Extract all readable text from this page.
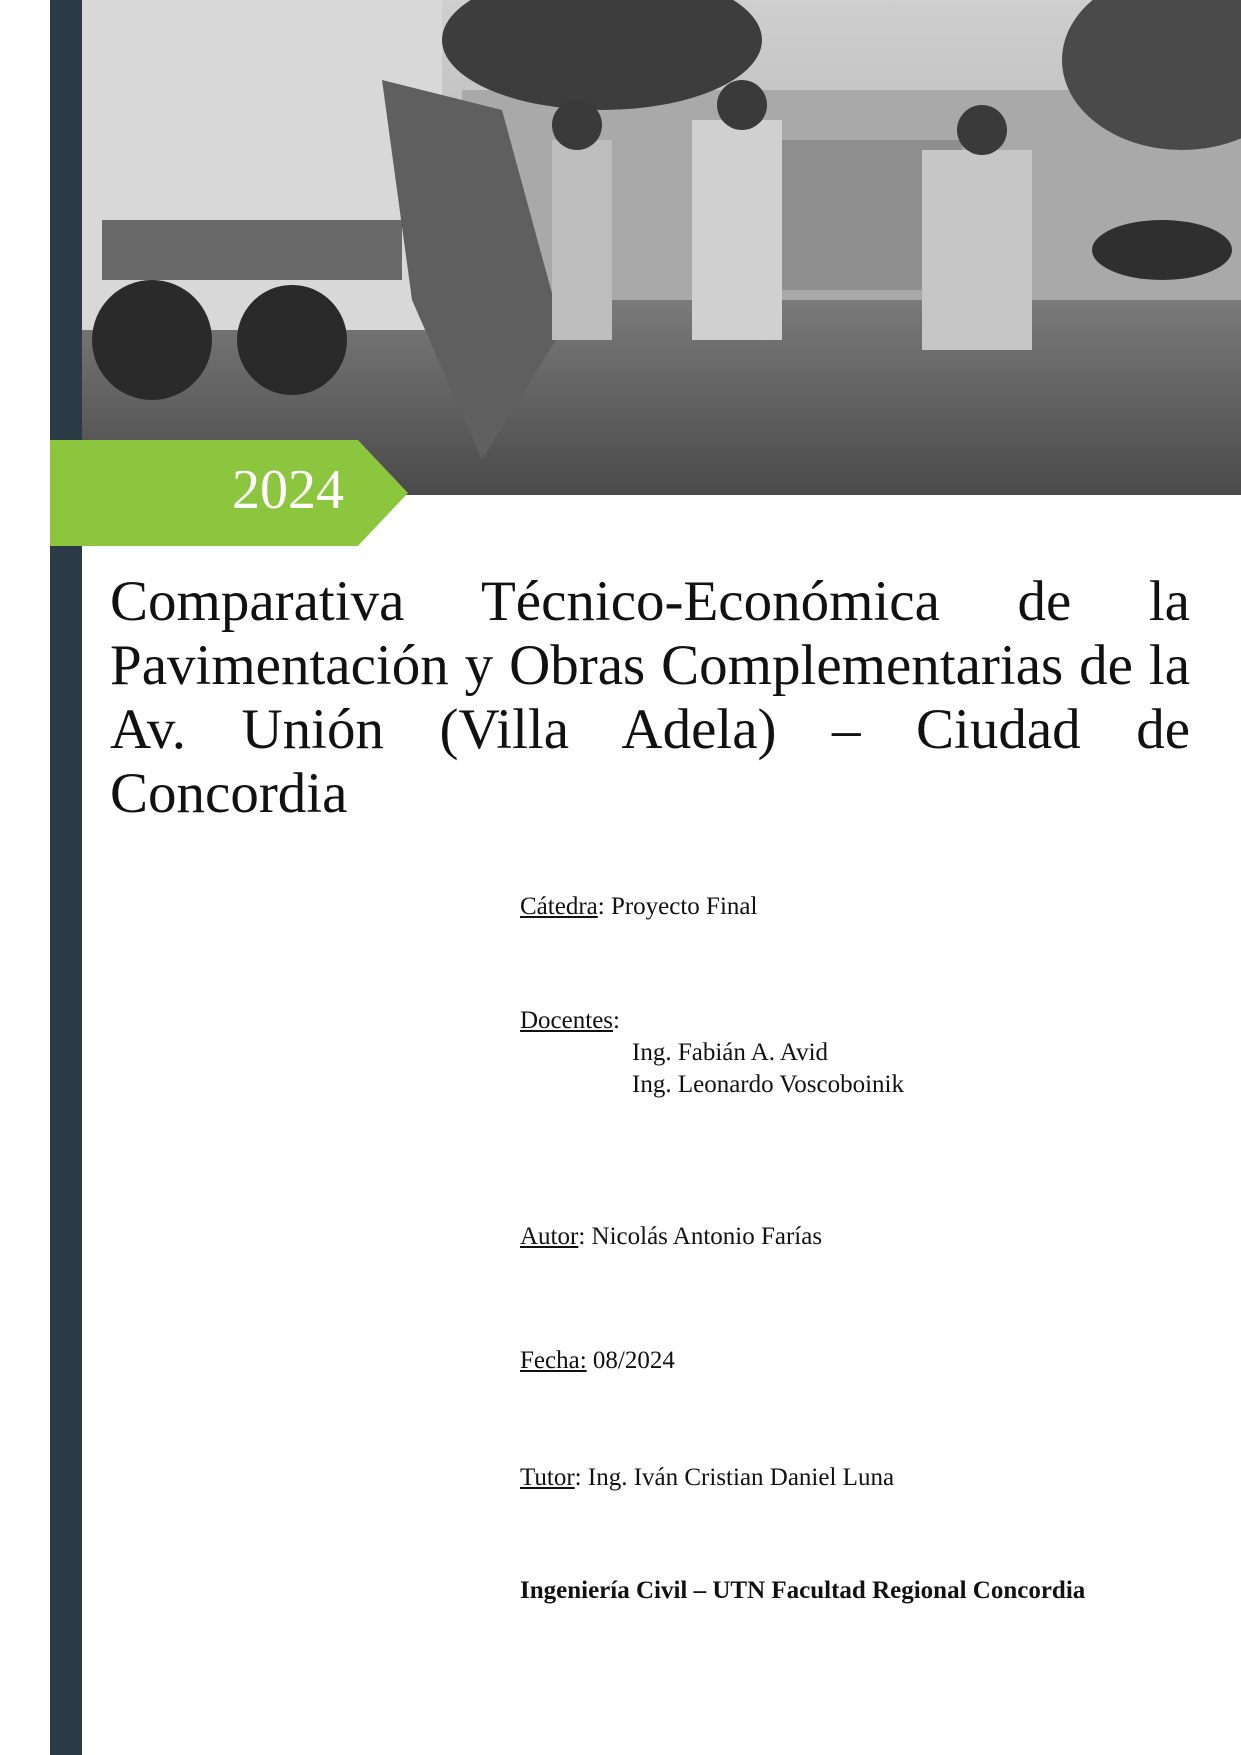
2024
Comparativa Técnico-Económica de la Pavimentación y Obras Complementarias de la Av. Unión (Villa Adela) – Ciudad de Concordia
Cátedra: Proyecto Final
Docentes:
Ing. Fabián A. Avid
Ing. Leonardo Voscoboinik
Autor: Nicolás Antonio Farías
Fecha: 08/2024
Tutor: Ing. Iván Cristian Daniel Luna
Ingeniería Civil – UTN Facultad Regional Concordia
